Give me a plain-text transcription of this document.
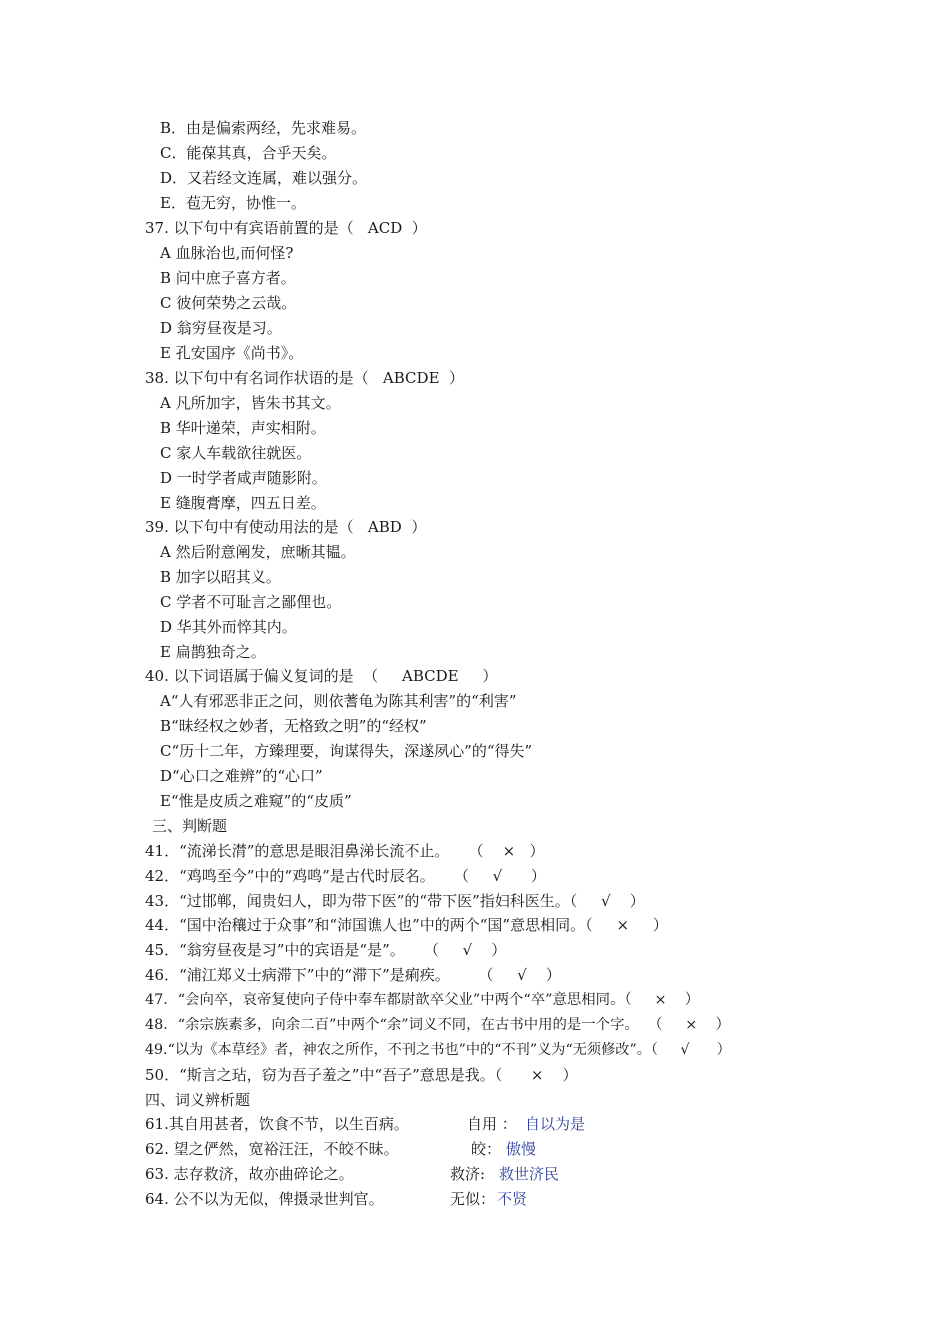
B．由是偏索两经，先求难易。
C．能葆其真，合乎天矣。
D．又若经文连属，难以强分。
E．苞无穷，协惟一。
37. 以下句中有宾语前置的是（   ACD  ）
A 血脉治也,而何怪?
B 问中庶子喜方者。
C 彼何荣势之云哉。
D 翁穷昼夜是习。
E 孔安国序《尚书》。
38. 以下句中有名词作状语的是（   ABCDE  ）
A 凡所加字，皆朱书其文。
B 华叶递荣，声实相附。
C 家人车载欲往就医。
D 一时学者咸声随影附。
E 缝腹膏摩，四五日差。
39. 以下句中有使动用法的是（   ABD  ）
A 然后附意阐发，庶晰其韫。
B 加字以昭其义。
C 学者不可耻言之鄙俚也。
D 华其外而悴其内。
E 扁鹊独奇之。
40. 以下词语属于偏义复词的是  （     ABCDE     ）
A“人有邪恶非正之问，则依蓍龟为陈其利害”的“利害”
B“昧经权之妙者，无格致之明”的“经权”
C“历十二年，方臻理要，询谋得失，深遂夙心”的“得失”
D“心口之难辨”的“心口”
E“惟是皮质之难窥”的“皮质”
三、判断题
41．“流涕长潸”的意思是眼泪鼻涕长流不止。    （    ×   ）
42．“鸡鸣至今”中的“鸡鸣”是古代时辰名。    （     √      ）
43．“过邯郸，闻贵妇人，即为带下医”的“带下医”指妇科医生。（     √    ）
44．“国中治穰过于众事”和“沛国谯人也”中的两个“国”意思相同。（     ×     ）
45．“翁穷昼夜是习”中的宾语是“是”。    （     √    ）
46．“浦江郑义士病滞下”中的“滞下”是痢疾。      （     √    ）
47．“会向卒，哀帝复使向子侍中奉车都尉歆卒父业”中两个“卒”意思相同。（     ×    ）
48．“余宗族素多，向余二百”中两个“余”词义不同，在古书中用的是一个字。  （     ×    ）
49.“以为《本草经》者，神农之所作，不刊之书也”中的“不刊”义为“无须修改”。（     √      ）
50．“斯言之玷，窃为吾子羞之”中“吾子”意思是我。（      ×    ）
四、词义辨析题
61.其自用甚者，饮食不节，以生百病。	自用 ： 自以为是
62. 望之俨然，宽裕汪汪，不皎不昧。	皎： 傲慢
63. 志存救济，故亦曲碎论之。	救济: 救世济民
64. 公不以为无似，俾摄录世判官。	无似： 不贤
